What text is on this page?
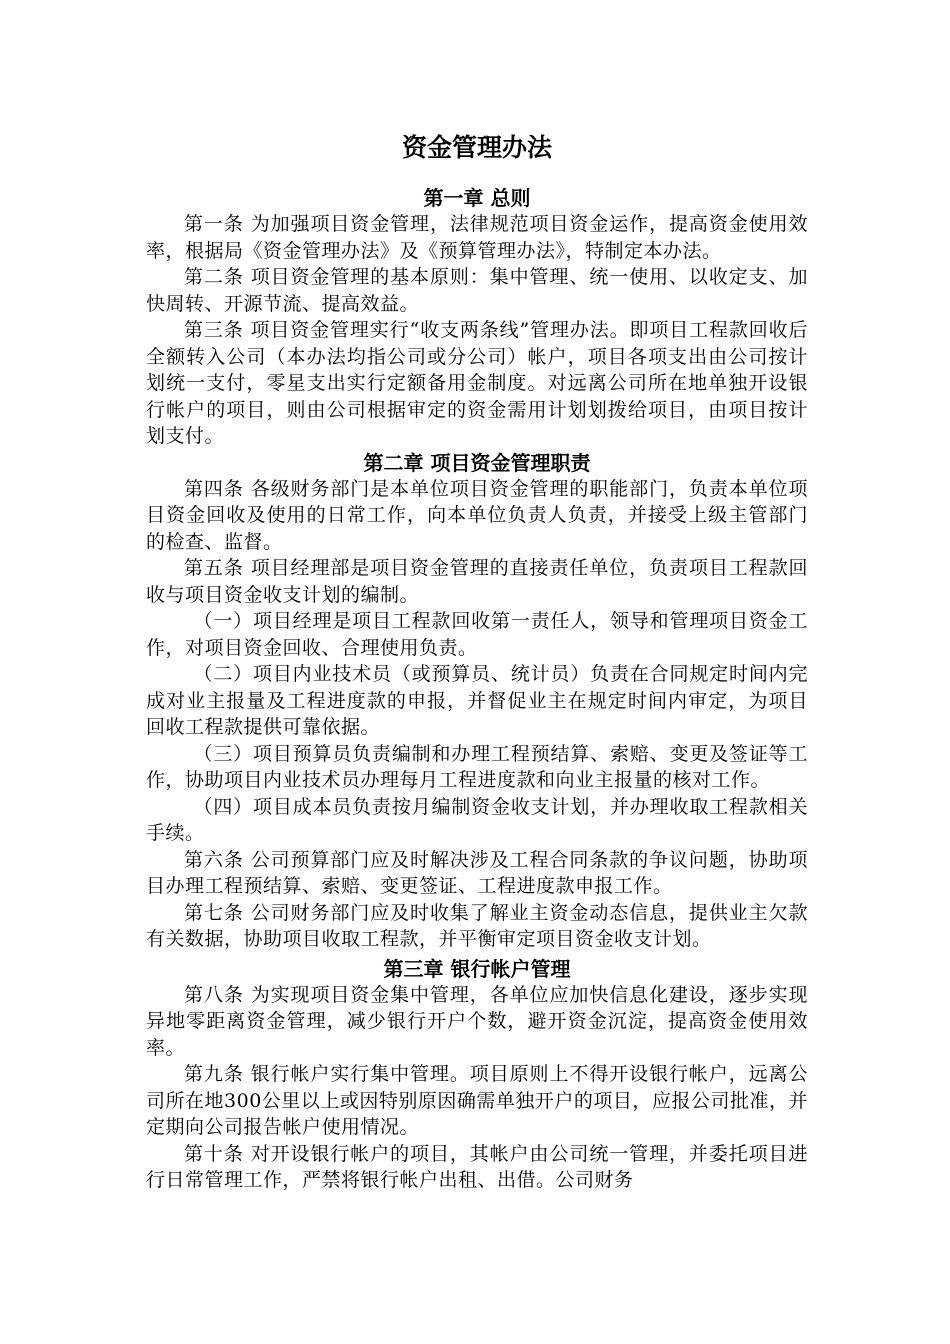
资金管理办法
第一章 总则

第一条 为加强项目资金管理，法律规范项目资金运作，提高资金使用效率，根据局《资金管理办法》及《预算管理办法》，特制定本办法。

第二条 项目资金管理的基本原则：集中管理、统一使用、以收定支、加快周转、开源节流、提高效益。

第三条 项目资金管理实行“收支两条线”管理办法。即项目工程款回收后全额转入公司（本办法均指公司或分公司）帐户，项目各项支出由公司按计划统一支付，零星支出实行定额备用金制度。对远离公司所在地单独开设银行帐户的项目，则由公司根据审定的资金需用计划划拨给项目，由项目按计划支付。

第二章 项目资金管理职责

第四条 各级财务部门是本单位项目资金管理的职能部门，负责本单位项目资金回收及使用的日常工作，向本单位负责人负责，并接受上级主管部门的检查、监督。

第五条 项目经理部是项目资金管理的直接责任单位，负责项目工程款回收与项目资金收支计划的编制。

（一）项目经理是项目工程款回收第一责任人，领导和管理项目资金工作，对项目资金回收、合理使用负责。

（二）项目内业技术员（或预算员、统计员）负责在合同规定时间内完成对业主报量及工程进度款的申报，并督促业主在规定时间内审定，为项目回收工程款提供可靠依据。

（三）项目预算员负责编制和办理工程预结算、索赔、变更及签证等工作，协助项目内业技术员办理每月工程进度款和向业主报量的核对工作。

（四）项目成本员负责按月编制资金收支计划，并办理收取工程款相关手续。

第六条 公司预算部门应及时解决涉及工程合同条款的争议问题，协助项目办理工程预结算、索赔、变更签证、工程进度款申报工作。

第七条 公司财务部门应及时收集了解业主资金动态信息，提供业主欠款有关数据，协助项目收取工程款，并平衡审定项目资金收支计划。

第三章 银行帐户管理

第八条 为实现项目资金集中管理，各单位应加快信息化建设，逐步实现异地零距离资金管理，减少银行开户个数，避开资金沉淀，提高资金使用效率。

第九条 银行帐户实行集中管理。项目原则上不得开设银行帐户，远离公司所在地300公里以上或因特别原因确需单独开户的项目，应报公司批准，并定期向公司报告帐户使用情况。

第十条 对开设银行帐户的项目，其帐户由公司统一管理，并委托项目进行日常管理工作，严禁将银行帐户出租、出借。公司财务
